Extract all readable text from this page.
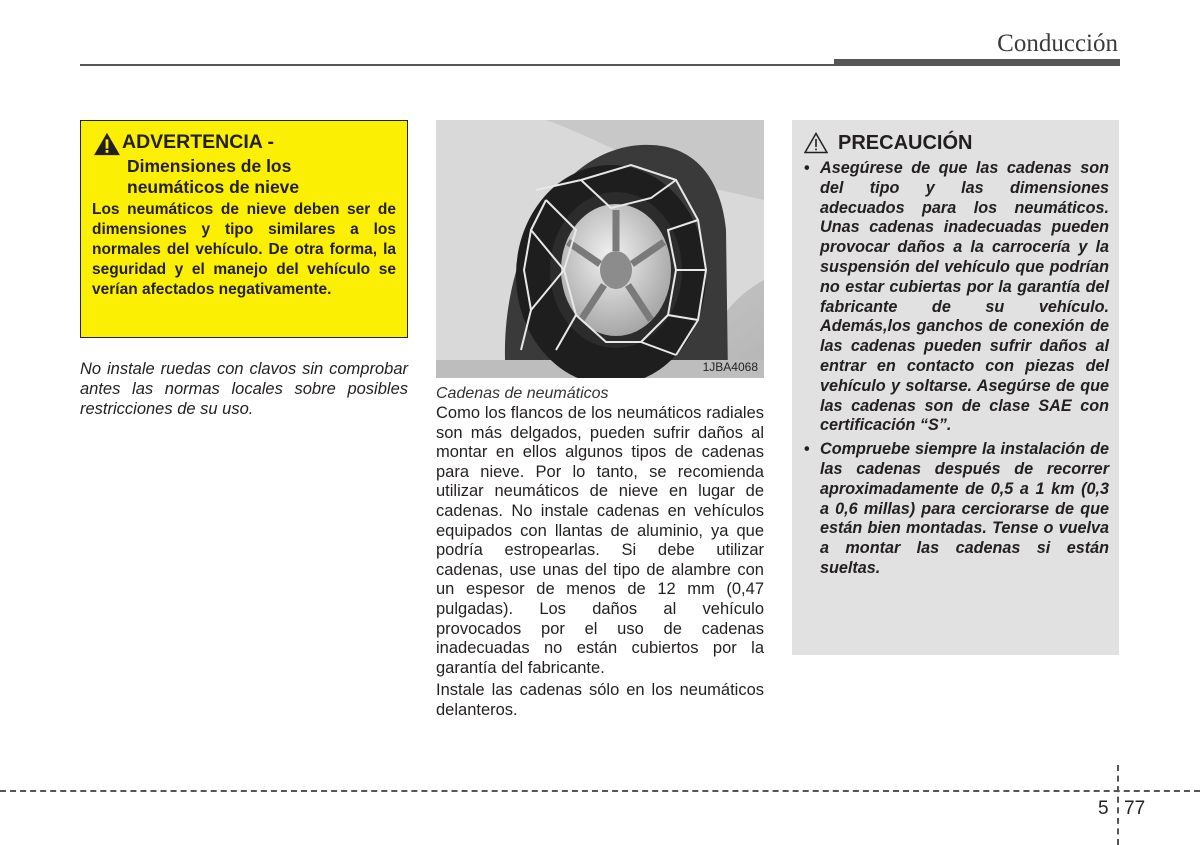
Conducción
ADVERTENCIA -
Dimensiones de los
neumáticos de nieve
Los neumáticos de nieve deben ser de dimensiones y tipo similares a los normales del vehículo. De otra forma, la seguridad y el manejo del vehículo se verían afectados negativamente.
No instale ruedas con clavos sin comprobar antes las normas locales sobre posibles restricciones de su uso.
1JBA4068
Cadenas de neumáticos

Como los flancos de los neumáticos radiales son más delgados, pueden sufrir daños al montar en ellos algunos tipos de cadenas para nieve. Por lo tanto, se recomienda utilizar neumáticos de nieve en lugar de cadenas. No instale cadenas en vehículos equipados con llantas de aluminio, ya que podría estropearlas. Si debe utilizar cadenas, use unas del tipo de alambre con un espesor de menos de 12 mm (0,47 pulgadas). Los daños al vehículo provocados por el uso de cadenas inadecuadas no están cubiertos por la garantía del fabricante.

Instale las cadenas sólo en los neumáticos delanteros.

PRECAUCIÓN
• Asegúrese de que las cadenas son del tipo y las dimensiones adecuados para los neumáticos. Unas cadenas inadecuadas pueden provocar daños a la carrocería y la suspensión del vehículo que podrían no estar cubiertas por la garantía del fabricante de su vehículo. Además,los ganchos de conexión de las cadenas pueden sufrir daños al entrar en contacto con piezas del vehículo y soltarse. Asegúrse de que las cadenas son de clase SAE con certificación “S”.
• Compruebe siempre la instalación de las cadenas después de recorrer aproximadamente de 0,5 a 1 km (0,3 a 0,6 millas) para cerciorarse de que están bien montadas. Tense o vuelva a montar las cadenas si están sueltas.
5 77
